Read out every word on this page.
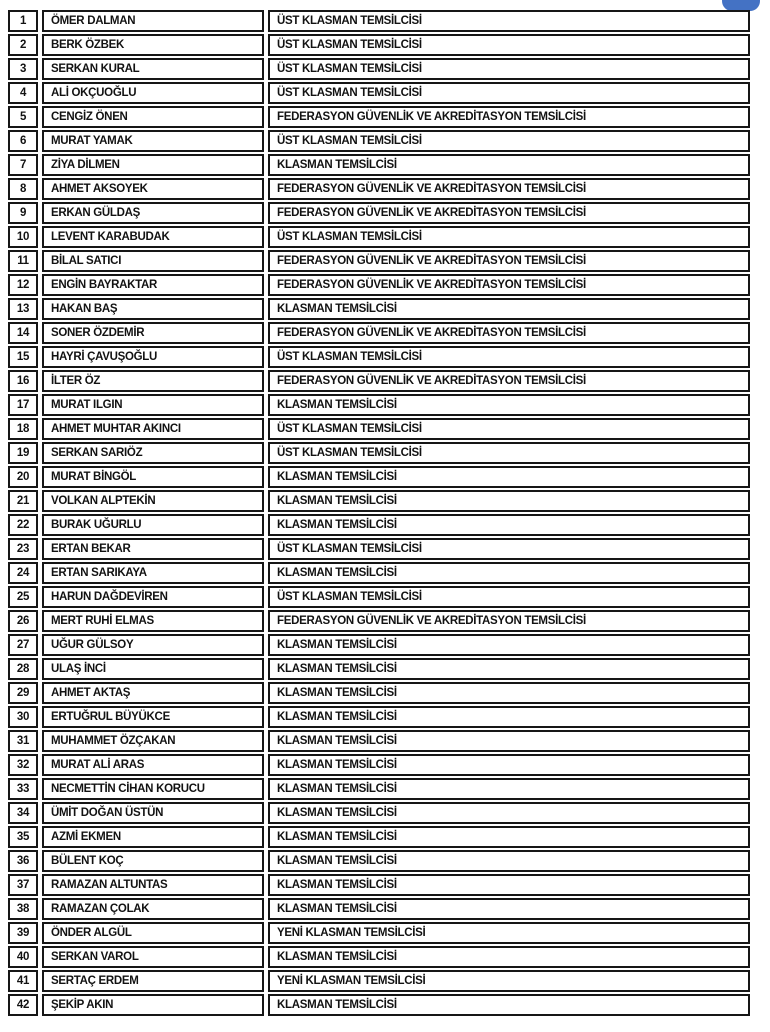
1	ÖMER DALMAN	ÜST KLASMAN TEMSİLCİSİ
2	BERK ÖZBEK	ÜST KLASMAN TEMSİLCİSİ
3	SERKAN KURAL	ÜST KLASMAN TEMSİLCİSİ
4	ALİ OKÇUOĞLU	ÜST KLASMAN TEMSİLCİSİ
5	CENGİZ ÖNEN	FEDERASYON GÜVENLİK VE AKREDİTASYON TEMSİLCİSİ
6	MURAT YAMAK	ÜST KLASMAN TEMSİLCİSİ
7	ZİYA DİLMEN	KLASMAN TEMSİLCİSİ
8	AHMET AKSOYEK	FEDERASYON GÜVENLİK VE AKREDİTASYON TEMSİLCİSİ
9	ERKAN GÜLDAŞ	FEDERASYON GÜVENLİK VE AKREDİTASYON TEMSİLCİSİ
10	LEVENT KARABUDAK	ÜST KLASMAN TEMSİLCİSİ
11	BİLAL SATICI	FEDERASYON GÜVENLİK VE AKREDİTASYON TEMSİLCİSİ
12	ENGİN BAYRAKTAR	FEDERASYON GÜVENLİK VE AKREDİTASYON TEMSİLCİSİ
13	HAKAN BAŞ	KLASMAN TEMSİLCİSİ
14	SONER ÖZDEMİR	FEDERASYON GÜVENLİK VE AKREDİTASYON TEMSİLCİSİ
15	HAYRİ ÇAVUŞOĞLU	ÜST KLASMAN TEMSİLCİSİ
16	İLTER ÖZ	FEDERASYON GÜVENLİK VE AKREDİTASYON TEMSİLCİSİ
17	MURAT ILGIN	KLASMAN TEMSİLCİSİ
18	AHMET MUHTAR AKINCI	ÜST KLASMAN TEMSİLCİSİ
19	SERKAN SARIÖZ	ÜST KLASMAN TEMSİLCİSİ
20	MURAT BİNGÖL	KLASMAN TEMSİLCİSİ
21	VOLKAN ALPTEKİN	KLASMAN TEMSİLCİSİ
22	BURAK UĞURLU	KLASMAN TEMSİLCİSİ
23	ERTAN BEKAR	ÜST KLASMAN TEMSİLCİSİ
24	ERTAN SARIKAYA	KLASMAN TEMSİLCİSİ
25	HARUN DAĞDEVİREN	ÜST KLASMAN TEMSİLCİSİ
26	MERT RUHİ ELMAS	FEDERASYON GÜVENLİK VE AKREDİTASYON TEMSİLCİSİ
27	UĞUR GÜLSOY	KLASMAN TEMSİLCİSİ
28	ULAŞ İNCİ	KLASMAN TEMSİLCİSİ
29	AHMET AKTAŞ	KLASMAN TEMSİLCİSİ
30	ERTUĞRUL BÜYÜKCE	KLASMAN TEMSİLCİSİ
31	MUHAMMET ÖZÇAKAN	KLASMAN TEMSİLCİSİ
32	MURAT ALİ ARAS	KLASMAN TEMSİLCİSİ
33	NECMETTİN CİHAN KORUCU	KLASMAN TEMSİLCİSİ
34	ÜMİT DOĞAN ÜSTÜN	KLASMAN TEMSİLCİSİ
35	AZMİ EKMEN	KLASMAN TEMSİLCİSİ
36	BÜLENT KOÇ	KLASMAN TEMSİLCİSİ
37	RAMAZAN ALTUNTAS	KLASMAN TEMSİLCİSİ
38	RAMAZAN ÇOLAK	KLASMAN TEMSİLCİSİ
39	ÖNDER ALGÜL	YENİ KLASMAN TEMSİLCİSİ
40	SERKAN VAROL	KLASMAN TEMSİLCİSİ
41	SERTAÇ ERDEM	YENİ KLASMAN TEMSİLCİSİ
42	ŞEKİP AKIN	KLASMAN TEMSİLCİSİ
